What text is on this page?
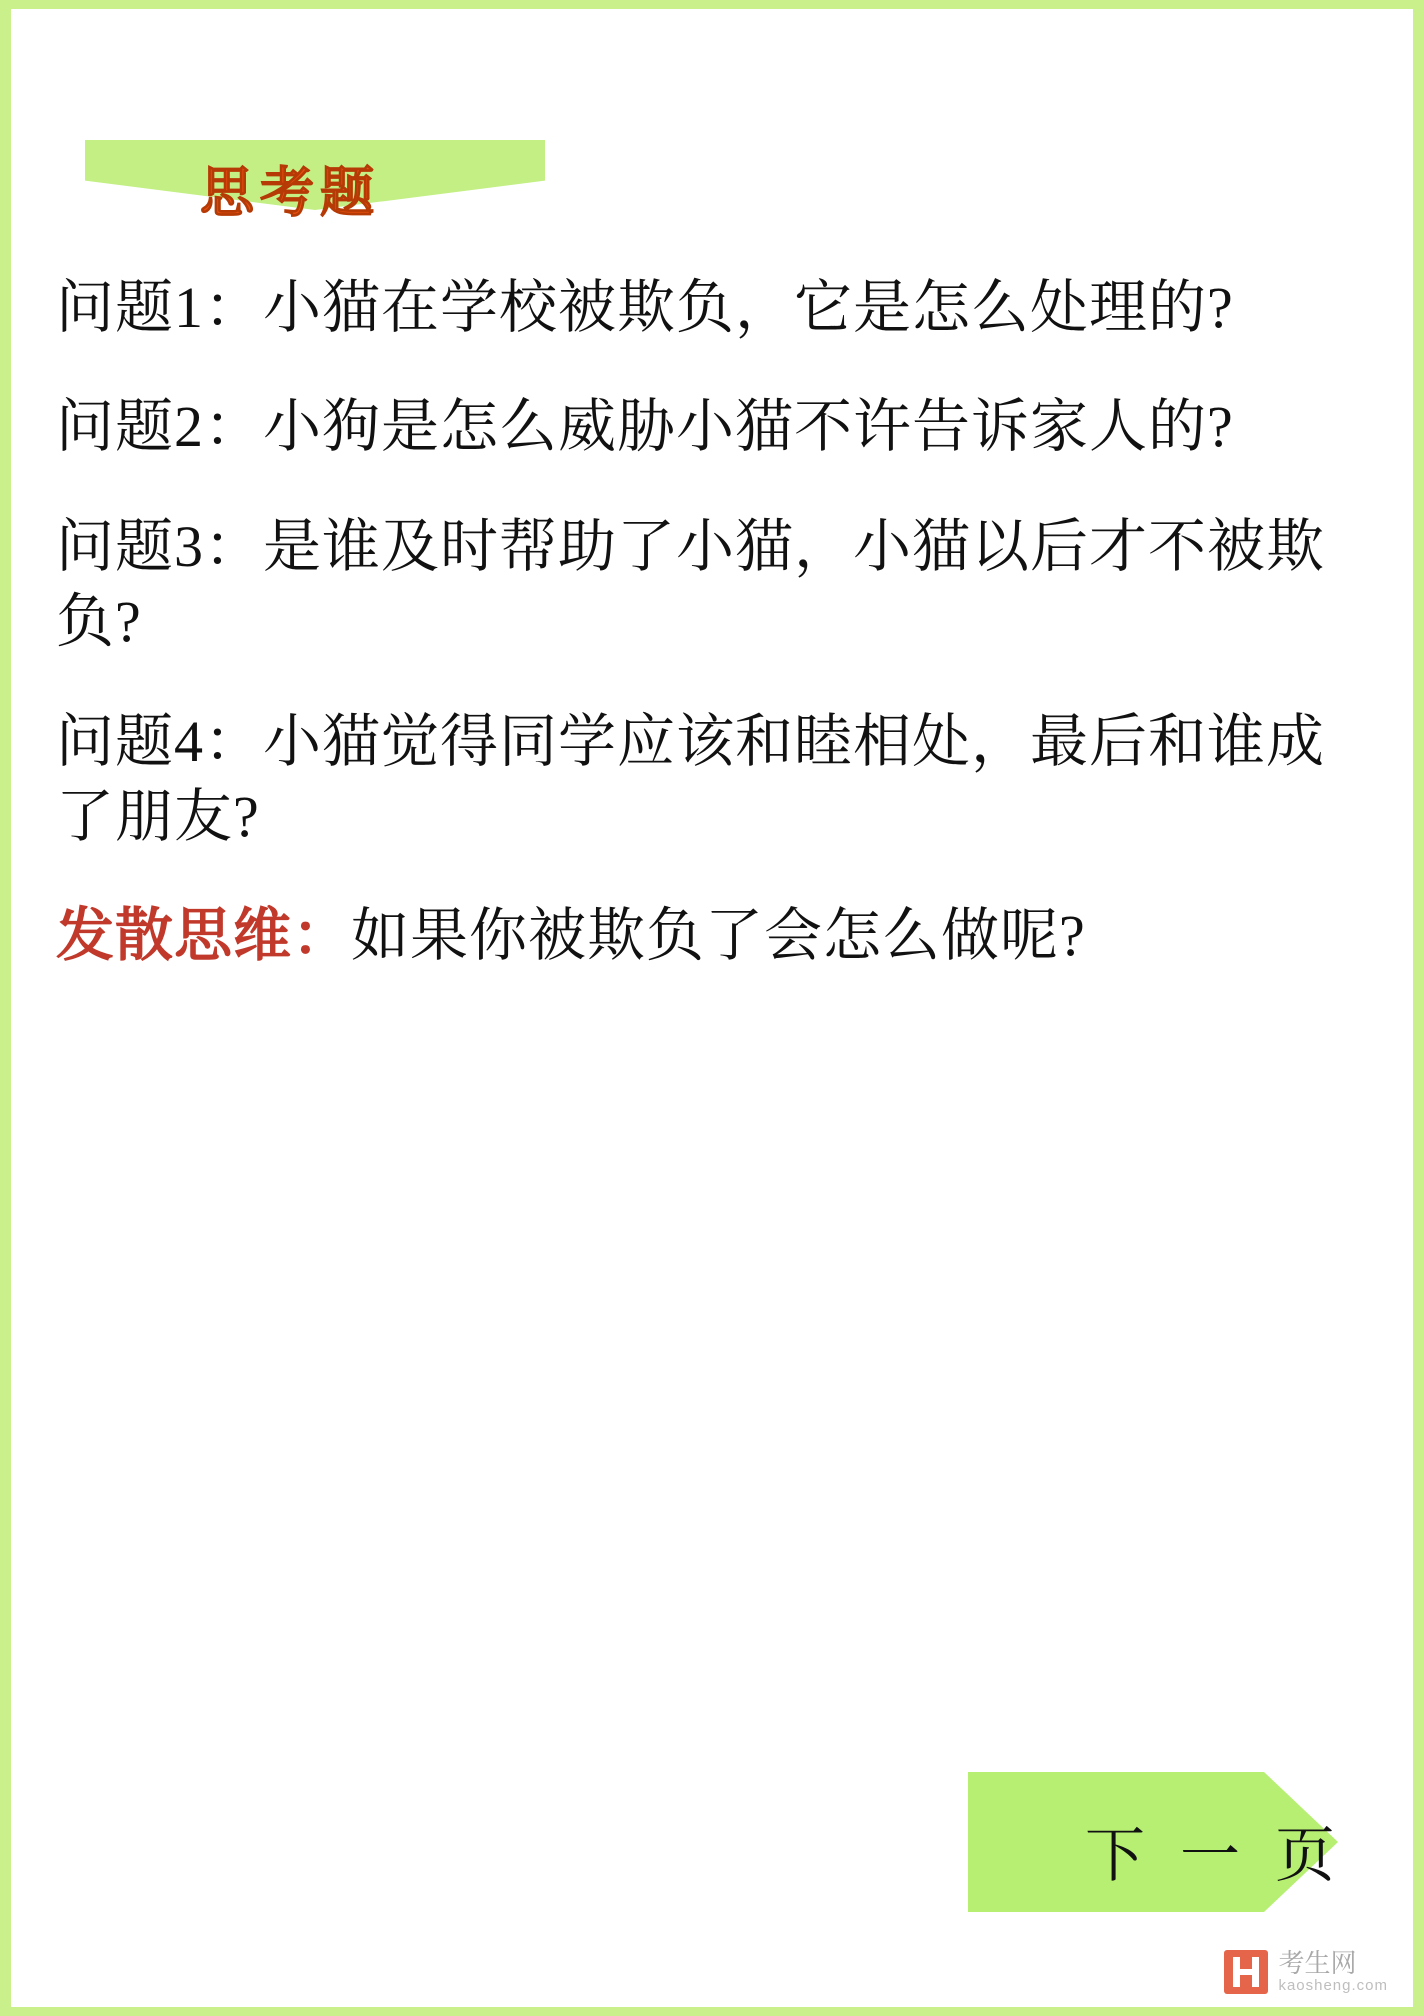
思考题
问题1：小猫在学校被欺负，它是怎么处理的?
问题2：小狗是怎么威胁小猫不许告诉家人的?
问题3：是谁及时帮助了小猫，小猫以后才不被欺负?
问题4：小猫觉得同学应该和睦相处，最后和谁成了朋友?
发散思维：如果你被欺负了会怎么做呢?
下 一 页
考生网
kaosheng.com
